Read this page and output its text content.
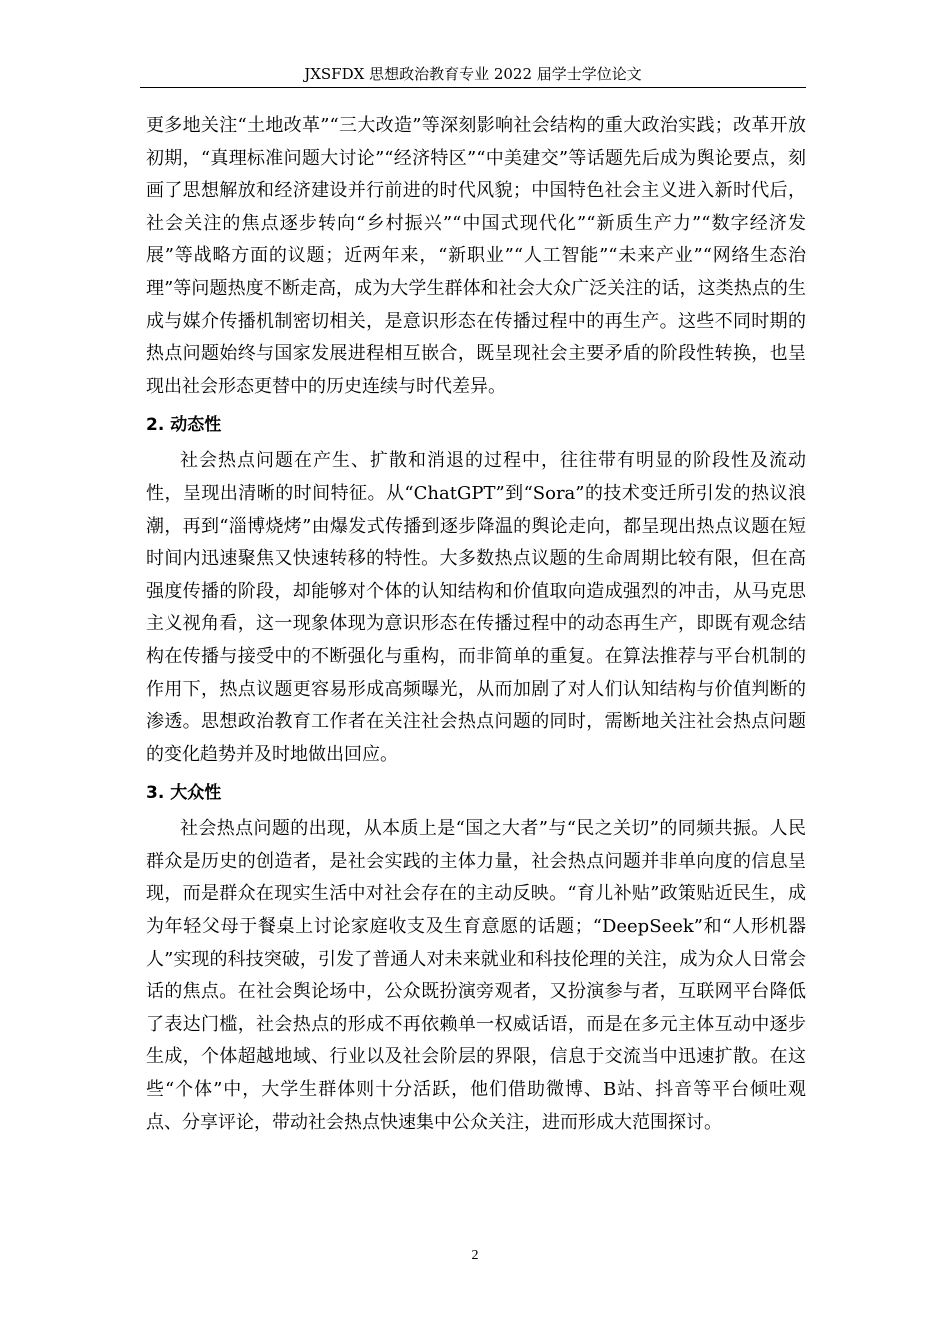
JXSFDX 思想政治教育专业 2022 届学士学位论文

更多地关注“土地改革”“三大改造”等深刻影响社会结构的重大政治实践；改革开放初期，“真理标准问题大讨论”“经济特区”“中美建交”等话题先后成为舆论要点，刻画了思想解放和经济建设并行前进的时代风貌；中国特色社会主义进入新时代后，社会关注的焦点逐步转向“乡村振兴”“中国式现代化”“新质生产力”“数字经济发展”等战略方面的议题；近两年来，“新职业”“人工智能”“未来产业”“网络生态治理”等问题热度不断走高，成为大学生群体和社会大众广泛关注的话，这类热点的生成与媒介传播机制密切相关，是意识形态在传播过程中的再生产。这些不同时期的热点问题始终与国家发展进程相互嵌合，既呈现社会主要矛盾的阶段性转换，也呈现出社会形态更替中的历史连续与时代差异。

2. 动态性

社会热点问题在产生、扩散和消退的过程中，往往带有明显的阶段性及流动性，呈现出清晰的时间特征。从“ChatGPT”到“Sora”的技术变迁所引发的热议浪潮，再到“淄博烧烤”由爆发式传播到逐步降温的舆论走向，都呈现出热点议题在短时间内迅速聚焦又快速转移的特性。大多数热点议题的生命周期比较有限，但在高强度传播的阶段，却能够对个体的认知结构和价值取向造成强烈的冲击，从马克思主义视角看，这一现象体现为意识形态在传播过程中的动态再生产，即既有观念结构在传播与接受中的不断强化与重构，而非简单的重复。在算法推荐与平台机制的作用下，热点议题更容易形成高频曝光，从而加剧了对人们认知结构与价值判断的渗透。思想政治教育工作者在关注社会热点问题的同时，需断地关注社会热点问题的变化趋势并及时地做出回应。

3. 大众性

社会热点问题的出现，从本质上是“国之大者”与“民之关切”的同频共振。人民群众是历史的创造者，是社会实践的主体力量，社会热点问题并非单向度的信息呈现，而是群众在现实生活中对社会存在的主动反映。“育儿补贴”政策贴近民生，成为年轻父母于餐桌上讨论家庭收支及生育意愿的话题；“DeepSeek”和“人形机器人”实现的科技突破，引发了普通人对未来就业和科技伦理的关注，成为众人日常会话的焦点。在社会舆论场中，公众既扮演旁观者，又扮演参与者，互联网平台降低了表达门槛，社会热点的形成不再依赖单一权威话语，而是在多元主体互动中逐步生成，个体超越地域、行业以及社会阶层的界限，信息于交流当中迅速扩散。在这些“个体”中，大学生群体则十分活跃，他们借助微博、B站、抖音等平台倾吐观点、分享评论，带动社会热点快速集中公众关注，进而形成大范围探讨。

2
